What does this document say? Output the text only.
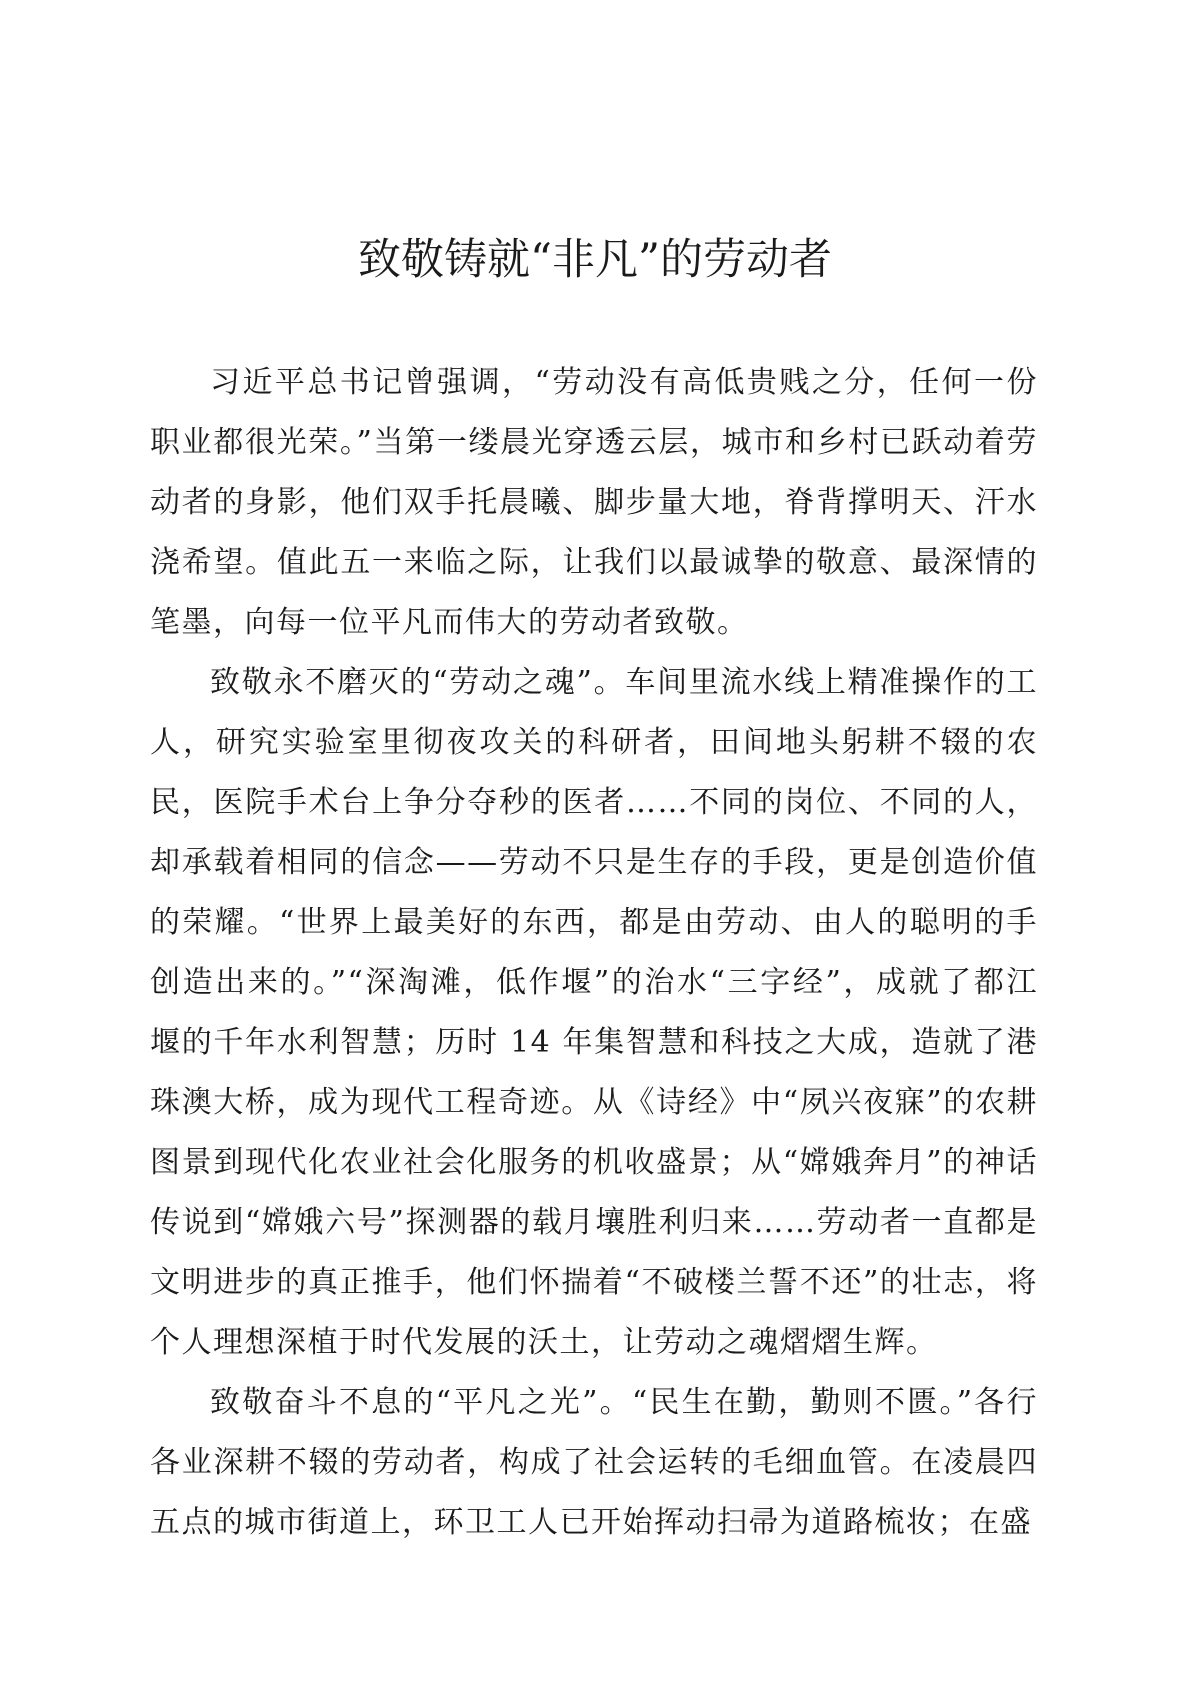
致敬铸就“非凡”的劳动者

习近平总书记曾强调，“劳动没有高低贵贱之分，任何一份职业都很光荣。”当第一缕晨光穿透云层，城市和乡村已跃动着劳动者的身影，他们双手托晨曦、脚步量大地，脊背撑明天、汗水浇希望。值此五一来临之际，让我们以最诚挚的敬意、最深情的笔墨，向每一位平凡而伟大的劳动者致敬。

致敬永不磨灭的“劳动之魂”。车间里流水线上精准操作的工人，研究实验室里彻夜攻关的科研者，田间地头躬耕不辍的农民，医院手术台上争分夺秒的医者……不同的岗位、不同的人，却承载着相同的信念——劳动不只是生存的手段，更是创造价值的荣耀。“世界上最美好的东西，都是由劳动、由人的聪明的手创造出来的。”“深淘滩，低作堰”的治水“三字经”，成就了都江堰的千年水利智慧；历时 14 年集智慧和科技之大成，造就了港珠澳大桥，成为现代工程奇迹。从《诗经》中“夙兴夜寐”的农耕图景到现代化农业社会化服务的机收盛景；从“嫦娥奔月”的神话传说到“嫦娥六号”探测器的载月壤胜利归来……劳动者一直都是文明进步的真正推手，他们怀揣着“不破楼兰誓不还”的壮志，将个人理想深植于时代发展的沃土，让劳动之魂熠熠生辉。

致敬奋斗不息的“平凡之光”。“民生在勤，勤则不匮。”各行各业深耕不辍的劳动者，构成了社会运转的毛细血管。在凌晨四五点的城市街道上，环卫工人已开始挥动扫帚为道路梳妆；在盛
